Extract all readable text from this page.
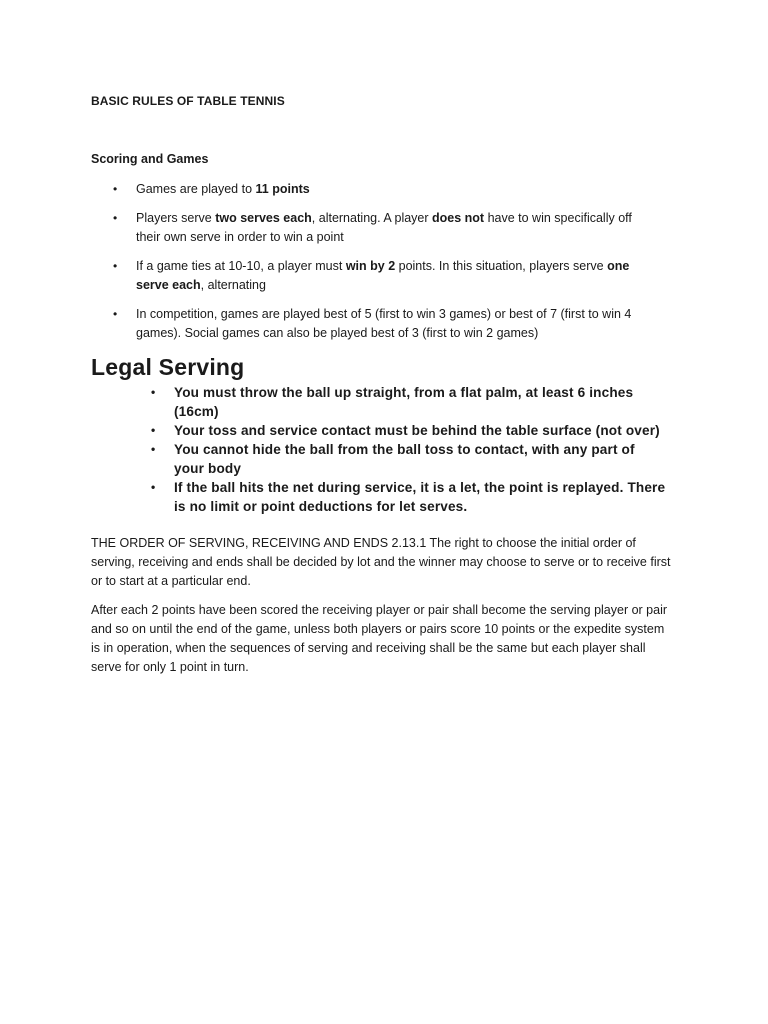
BASIC RULES OF TABLE TENNIS
Scoring and Games
• Games are played to 11 points
• Players serve two serves each, alternating. A player does not have to win specifically off their own serve in order to win a point
• If a game ties at 10-10, a player must win by 2 points. In this situation, players serve one serve each, alternating
• In competition, games are played best of 5 (first to win 3 games) or best of 7 (first to win 4 games). Social games can also be played best of 3 (first to win 2 games)
Legal Serving
• You must throw the ball up straight, from a flat palm, at least 6 inches (16cm)
• Your toss and service contact must be behind the table surface (not over)
• You cannot hide the ball from the ball toss to contact, with any part of your body
• If the ball hits the net during service, it is a let, the point is replayed. There is no limit or point deductions for let serves.

THE ORDER OF SERVING, RECEIVING AND ENDS 2.13.1 The right to choose the initial order of serving, receiving and ends shall be decided by lot and the winner may choose to serve or to receive first or to start at a particular end.

After each 2 points have been scored the receiving player or pair shall become the serving player or pair and so on until the end of the game, unless both players or pairs score 10 points or the expedite system is in operation, when the sequences of serving and receiving shall be the same but each player shall serve for only 1 point in turn.
